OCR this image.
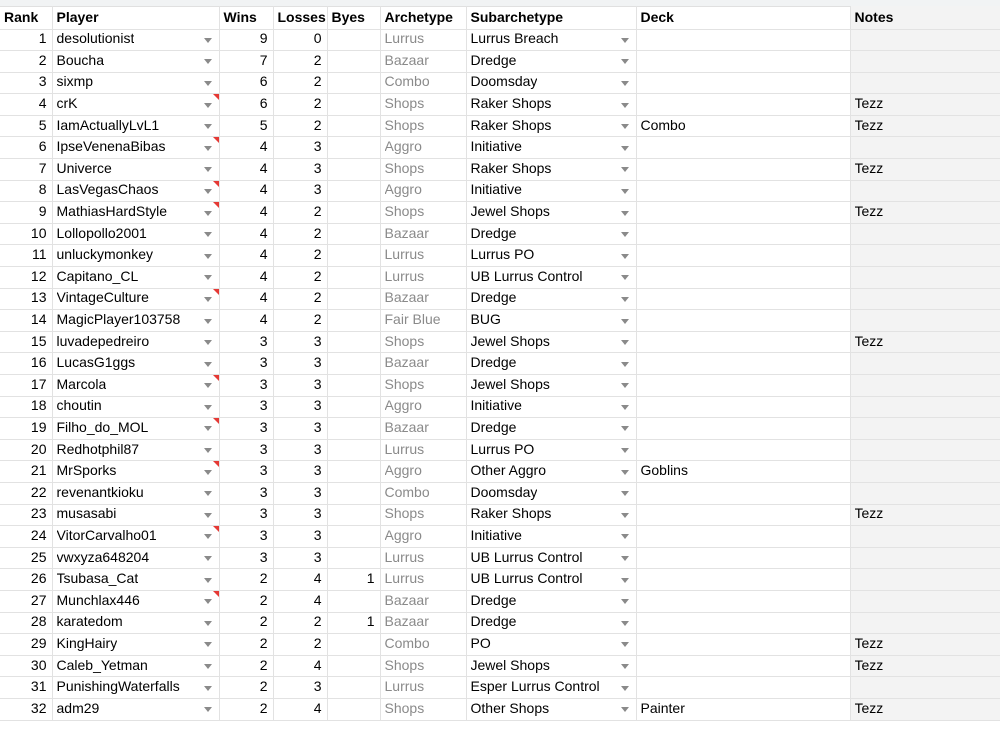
Rank	Player	Wins	Losses	Byes	Archetype	Subarchetype	Deck	Notes
1	desolutionist	9	0		Lurrus	Lurrus Breach

2	Boucha	7	2		Bazaar	Dredge

3	sixmp	6	2		Combo	Doomsday

4	crK	6	2		Shops	Raker Shops		Tezz
5	IamActuallyLvL1	5	2		Shops	Raker Shops	Combo	Tezz
6	IpseVenenaBibas	4	3		Aggro	Initiative

7	Univerce	4	3		Shops	Raker Shops		Tezz
8	LasVegasChaos	4	3		Aggro	Initiative

9	MathiasHardStyle	4	2		Shops	Jewel Shops		Tezz
10	Lollopollo2001	4	2		Bazaar	Dredge

11	unluckymonkey	4	2		Lurrus	Lurrus PO

12	Capitano_CL	4	2		Lurrus	UB Lurrus Control

13	VintageCulture	4	2		Bazaar	Dredge

14	MagicPlayer103758	4	2		Fair Blue	BUG

15	luvadepedreiro	3	3		Shops	Jewel Shops		Tezz
16	LucasG1ggs	3	3		Bazaar	Dredge

17	Marcola	3	3		Shops	Jewel Shops

18	choutin	3	3		Aggro	Initiative

19	Filho_do_MOL	3	3		Bazaar	Dredge

20	Redhotphil87	3	3		Lurrus	Lurrus PO

21	MrSporks	3	3		Aggro	Other Aggro	Goblins	
22	revenantkioku	3	3		Combo	Doomsday

23	musasabi	3	3		Shops	Raker Shops		Tezz
24	VitorCarvalho01	3	3		Aggro	Initiative

25	vwxyza648204	3	3		Lurrus	UB Lurrus Control

26	Tsubasa_Cat	2	4	1	Lurrus	UB Lurrus Control

27	Munchlax446	2	4		Bazaar	Dredge

28	karatedom	2	2	1	Bazaar	Dredge

29	KingHairy	2	2		Combo	PO		Tezz
30	Caleb_Yetman	2	4		Shops	Jewel Shops		Tezz
31	PunishingWaterfalls	2	3		Lurrus	Esper Lurrus Control

32	adm29	2	4		Shops	Other Shops	Painter	Tezz
